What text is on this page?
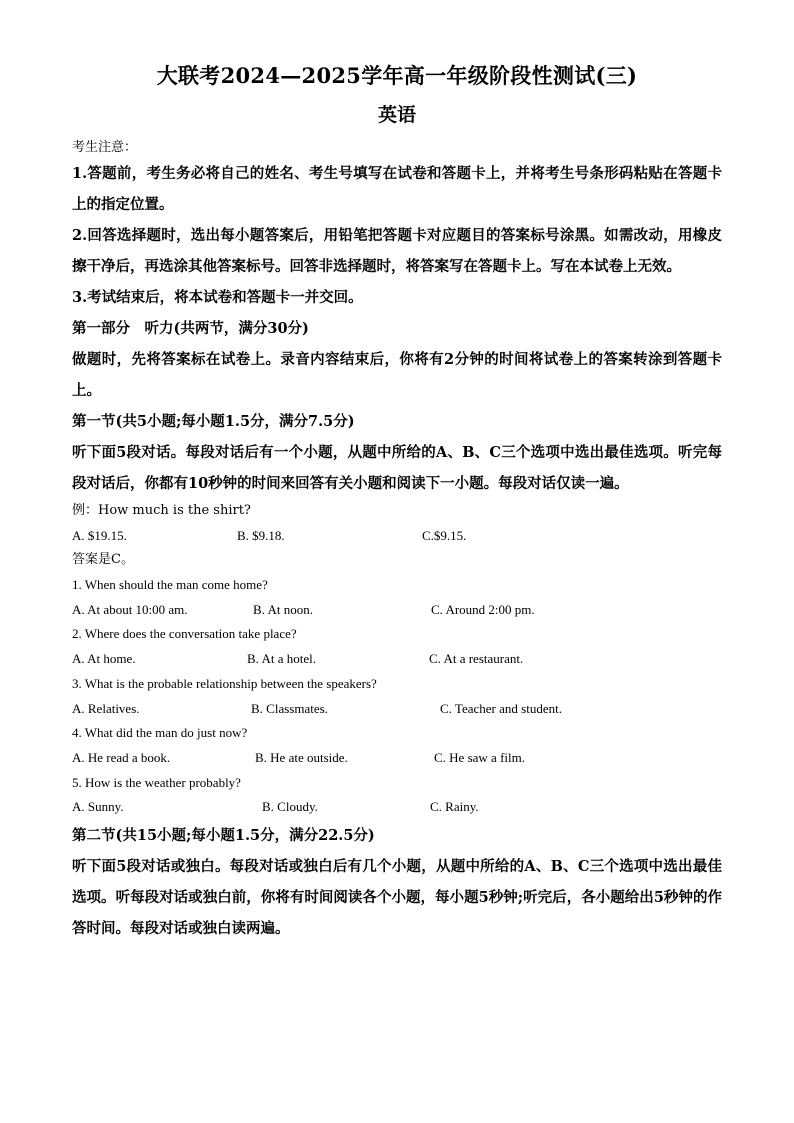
大联考2024—2025学年高一年级阶段性测试(三)
英语
考生注意：

1.答题前，考生务必将自己的姓名、考生号填写在试卷和答题卡上，并将考生号条形码粘贴在答题卡上的指定位置。

2.回答选择题时，选出每小题答案后，用铅笔把答题卡对应题目的答案标号涂黑。如需改动，用橡皮擦干净后，再选涂其他答案标号。回答非选择题时，将答案写在答题卡上。写在本试卷上无效。

3.考试结束后，将本试卷和答题卡一并交回。

第一部分　听力(共两节，满分30分)

做题时，先将答案标在试卷上。录音内容结束后，你将有2分钟的时间将试卷上的答案转涂到答题卡上。

第一节(共5小题;每小题1.5分，满分7.5分)

听下面5段对话。每段对话后有一个小题，从题中所给的A、B、C三个选项中选出最佳选项。听完每段对话后，你都有10秒钟的时间来回答有关小题和阅读下一小题。每段对话仅读一遍。

例：How much is the shirt?

A. $19.15.	B. $9.18.	C.$9.15.

答案是C。

1. When should the man come home?

A. At about 10:00 am.	B. At noon.	C. Around 2:00 pm.

2. Where does the conversation take place?

A. At home.	B. At a hotel.	C. At a restaurant.

3. What is the probable relationship between the speakers?

A. Relatives.	B. Classmates.	C. Teacher and student.

4. What did the man do just now?

A. He read a book.	B. He ate outside.	C. He saw a film.

5. How is the weather probably?

A. Sunny.	B. Cloudy.	C. Rainy.

第二节(共15小题;每小题1.5分，满分22.5分)

听下面5段对话或独白。每段对话或独白后有几个小题，从题中所给的A、B、C三个选项中选出最佳选项。听每段对话或独白前，你将有时间阅读各个小题，每小题5秒钟;听完后，各小题给出5秒钟的作答时间。每段对话或独白读两遍。
